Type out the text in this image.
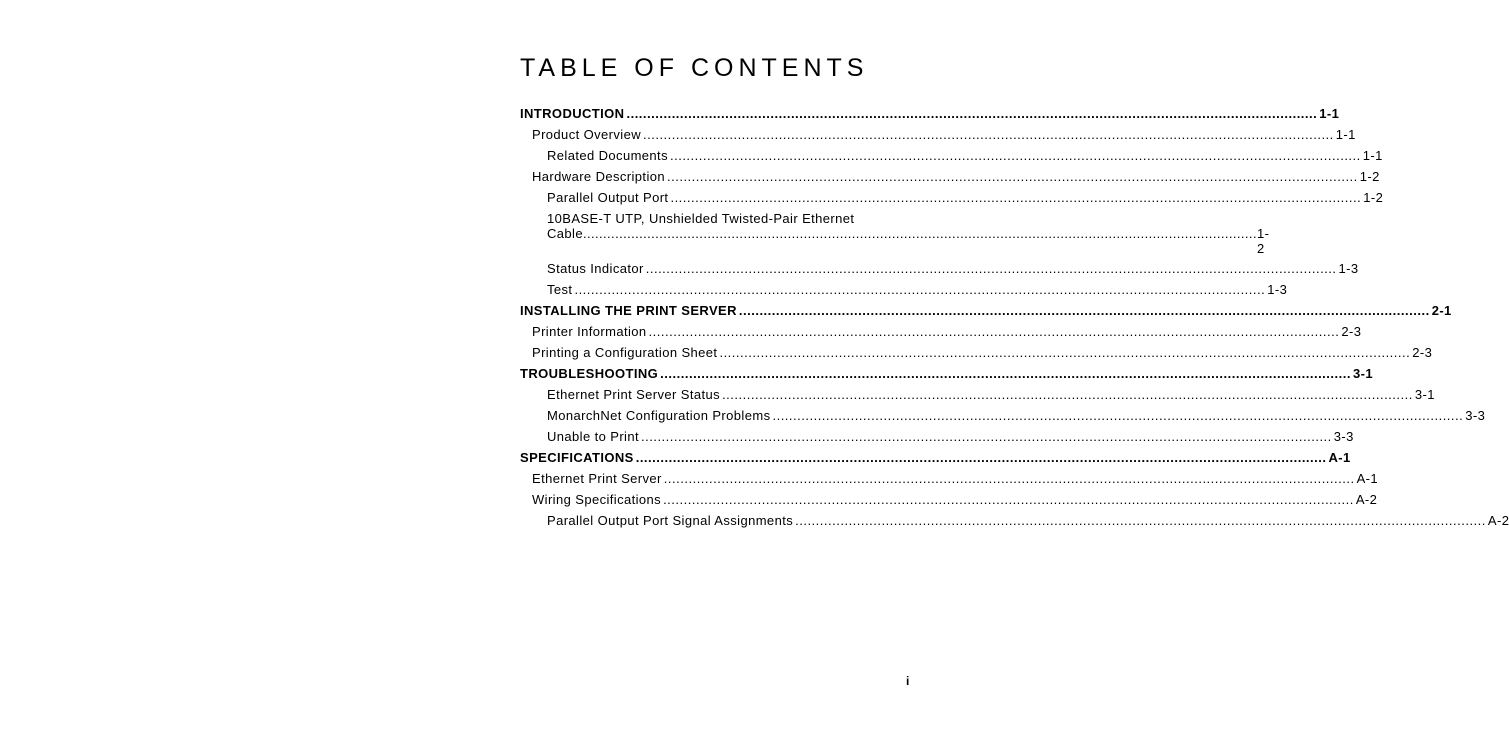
TABLE OF CONTENTS
INTRODUCTION ........................................................................................................................................................................ 1-1
Product Overview ........................................................................................................................................................................ 1-1
Related Documents ........................................................................................................................................................................ 1-1
Hardware Description ........................................................................................................................................................................ 1-2
Parallel Output Port ........................................................................................................................................................................ 1-2
10BASE-T UTP, Unshielded Twisted-Pair Ethernet
Cable ........................................................................................................................................................................ 1-2
Status Indicator ........................................................................................................................................................................ 1-3
Test ........................................................................................................................................................................ 1-3
INSTALLING THE PRINT SERVER ........................................................................................................................................................................ 2-1
Printer Information ........................................................................................................................................................................ 2-3
Printing a Configuration Sheet ........................................................................................................................................................................ 2-3
TROUBLESHOOTING ........................................................................................................................................................................ 3-1
Ethernet Print Server Status ........................................................................................................................................................................ 3-1
MonarchNet Configuration Problems ........................................................................................................................................................................ 3-3
Unable to Print ........................................................................................................................................................................ 3-3
SPECIFICATIONS ........................................................................................................................................................................ A-1
Ethernet Print Server ........................................................................................................................................................................ A-1
Wiring Specifications ........................................................................................................................................................................ A-2
Parallel Output Port Signal Assignments ........................................................................................................................................................................ A-2
i
